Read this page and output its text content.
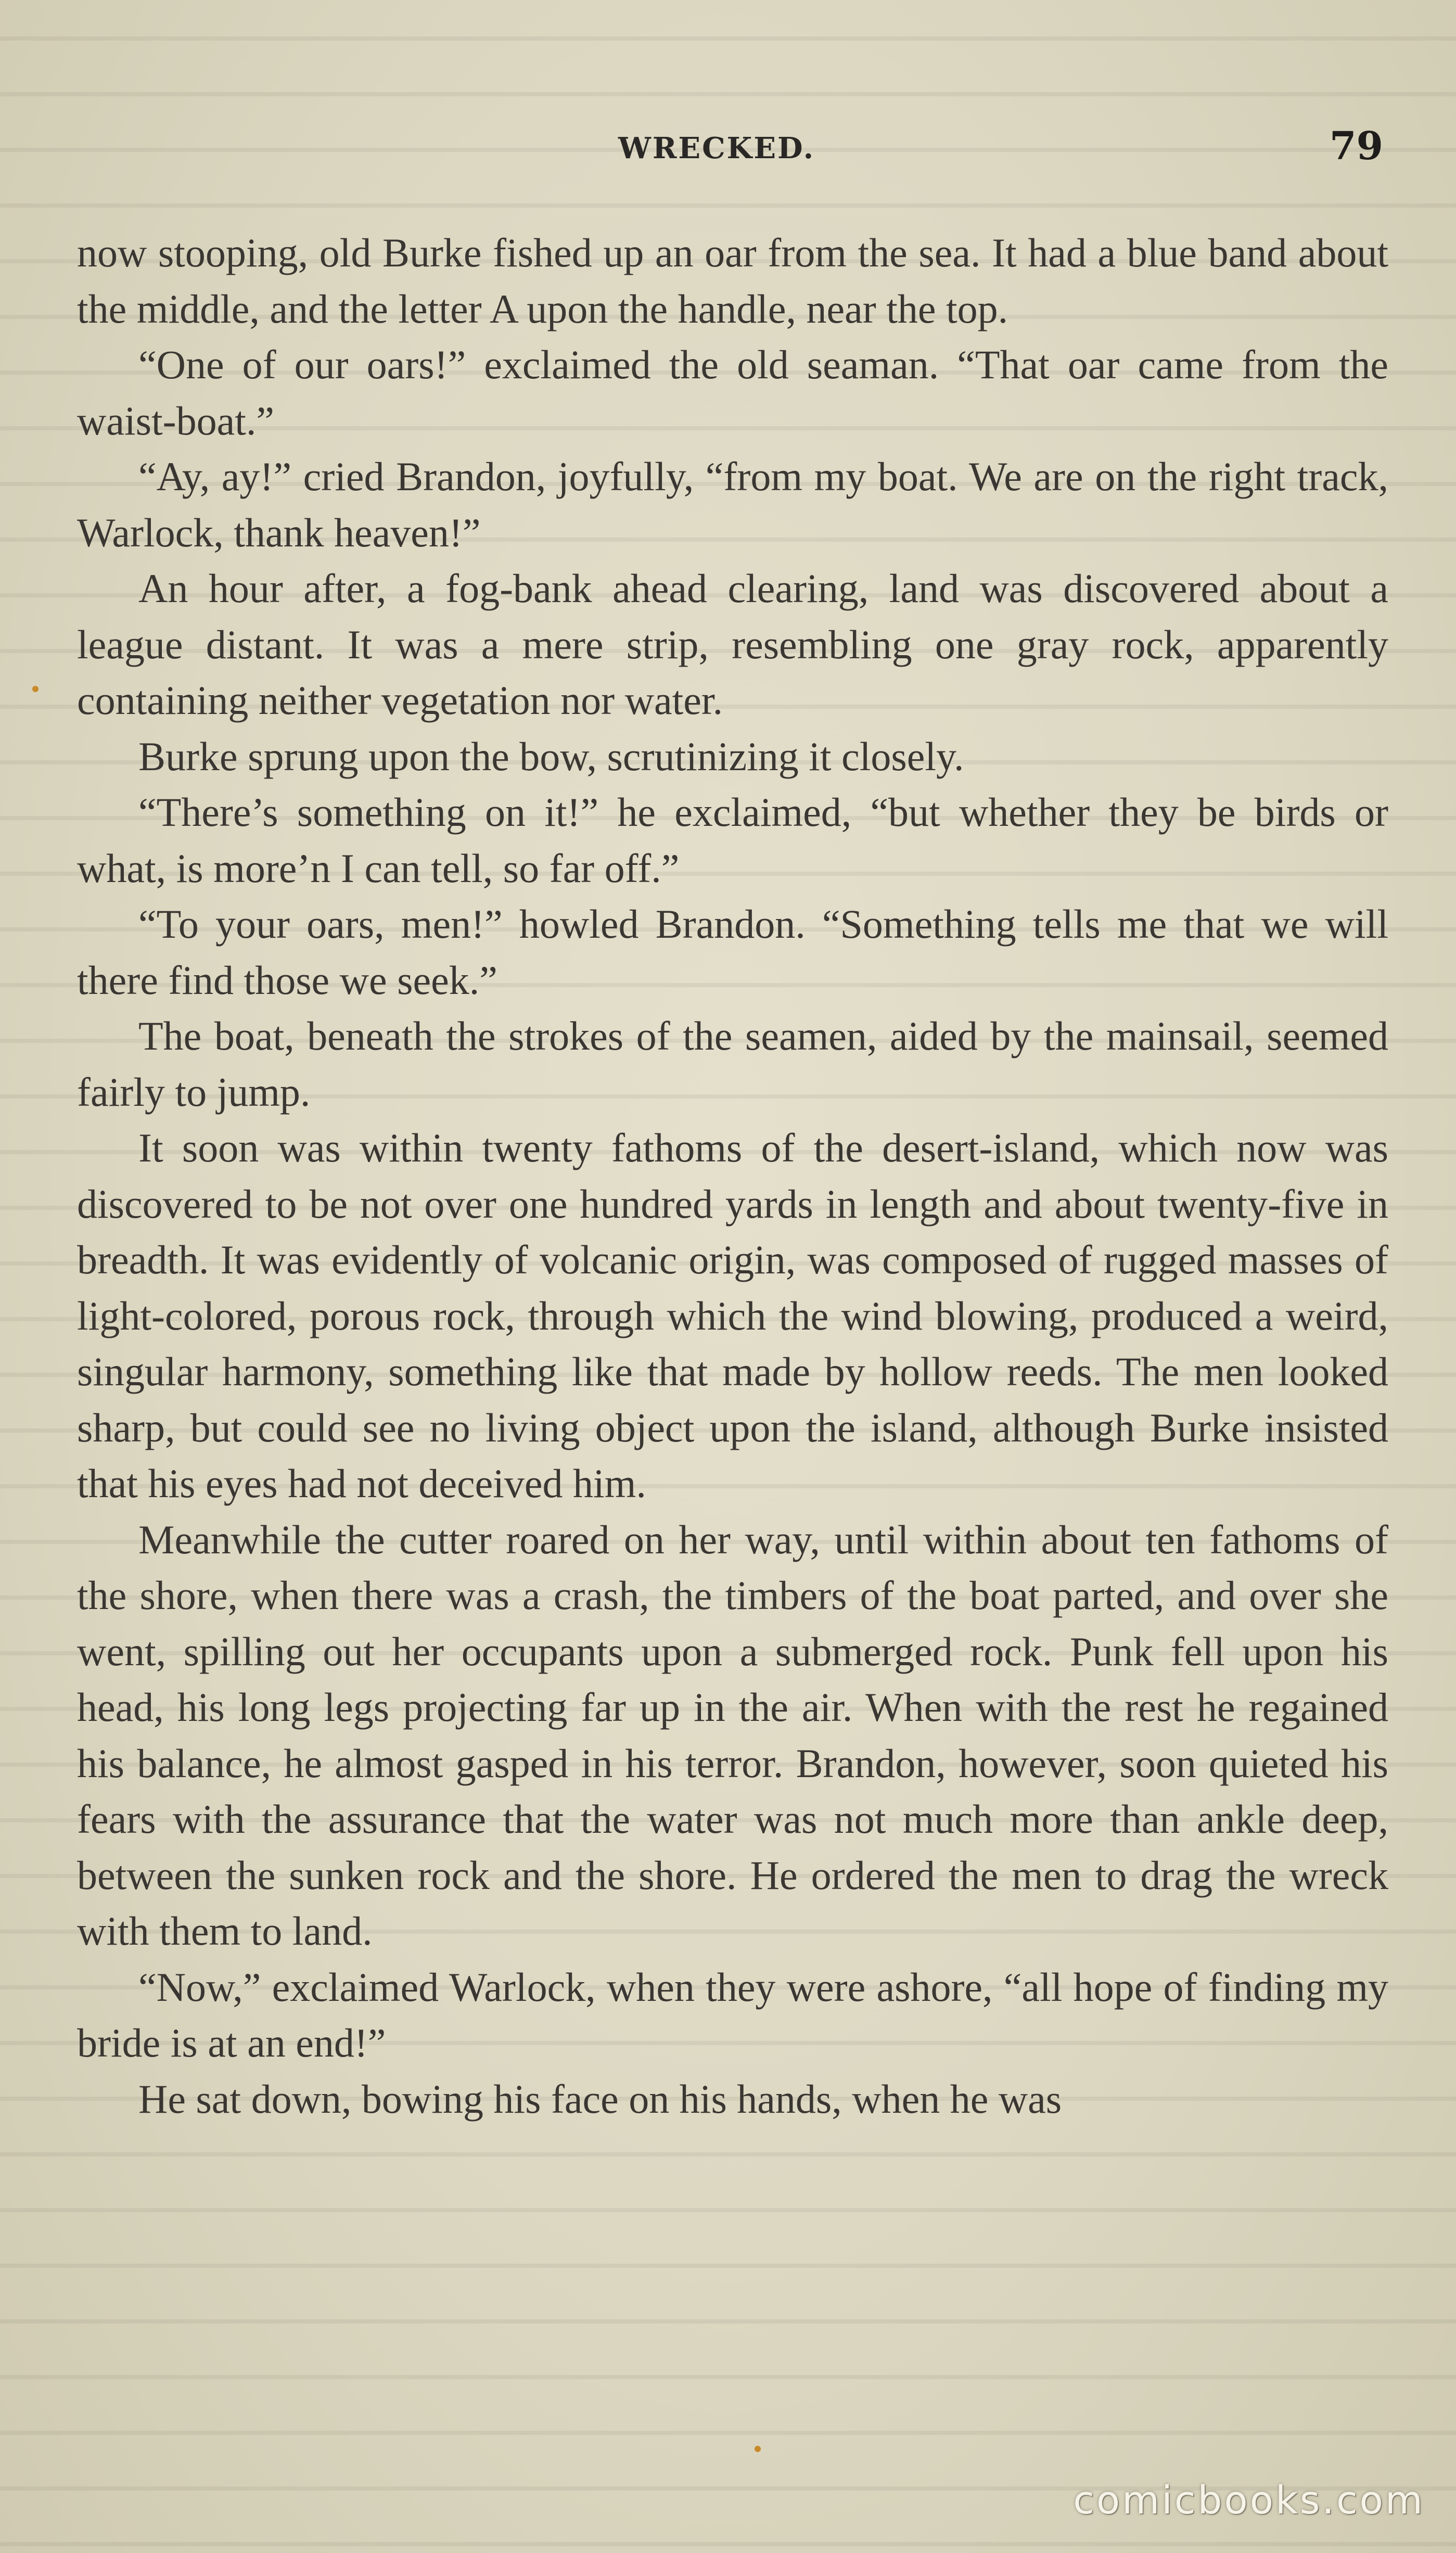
WRECKED.	79

now stooping, old Burke fished up an oar from the sea. It had a blue band about the middle, and the letter A upon the handle, near the top.

“One of our oars!” exclaimed the old seaman. “That oar came from the waist-boat.”

“Ay, ay!” cried Brandon, joyfully, “from my boat. We are on the right track, Warlock, thank heaven!”

An hour after, a fog-bank ahead clearing, land was discovered about a league distant. It was a mere strip, resembling one gray rock, apparently containing neither vegetation nor water.

Burke sprung upon the bow, scrutinizing it closely.

“There’s something on it!” he exclaimed, “but whether they be birds or what, is more’n I can tell, so far off.”

“To your oars, men!” howled Brandon. “Something tells me that we will there find those we seek.”

The boat, beneath the strokes of the seamen, aided by the mainsail, seemed fairly to jump.

It soon was within twenty fathoms of the desert-island, which now was discovered to be not over one hundred yards in length and about twenty-five in breadth. It was evidently of volcanic origin, was composed of rugged masses of light-colored, porous rock, through which the wind blowing, produced a weird, singular harmony, something like that made by hollow reeds. The men looked sharp, but could see no living object upon the island, although Burke insisted that his eyes had not deceived him.

Meanwhile the cutter roared on her way, until within about ten fathoms of the shore, when there was a crash, the timbers of the boat parted, and over she went, spilling out her occupants upon a submerged rock. Punk fell upon his head, his long legs projecting far up in the air. When with the rest he regained his balance, he almost gasped in his terror. Brandon, however, soon quieted his fears with the assurance that the water was not much more than ankle deep, between the sunken rock and the shore. He ordered the men to drag the wreck with them to land.

“Now,” exclaimed Warlock, when they were ashore, “all hope of finding my bride is at an end!”

He sat down, bowing his face on his hands, when he was

comicbooks.com
